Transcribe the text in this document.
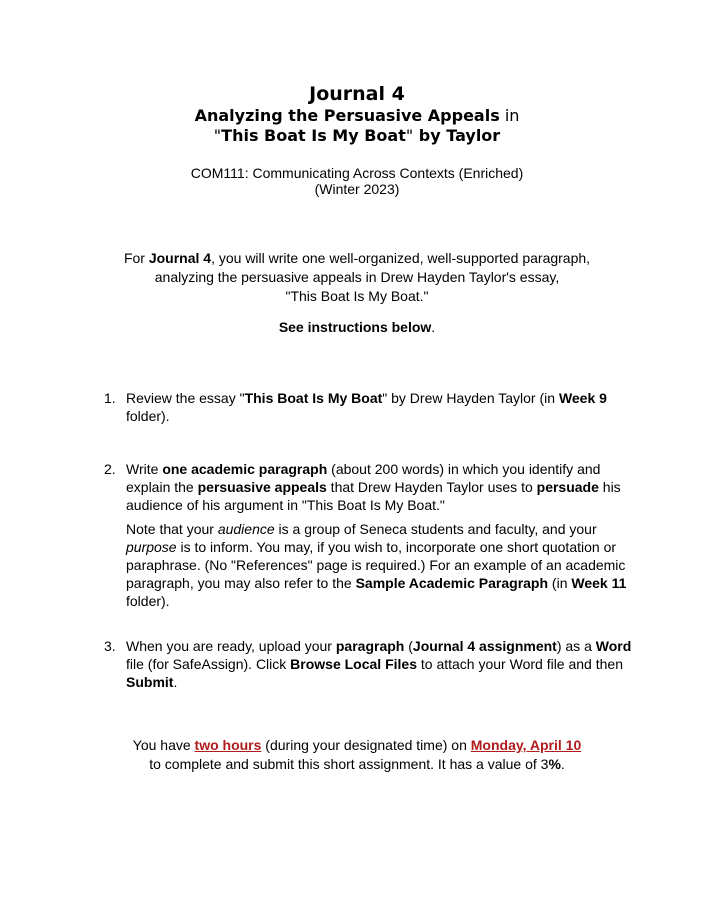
Journal 4
Analyzing the Persuasive Appeals in
"This Boat Is My Boat" by Taylor
COM111: Communicating Across Contexts (Enriched)
(Winter 2023)
For Journal 4, you will write one well-organized, well-supported paragraph,
analyzing the persuasive appeals in Drew Hayden Taylor's essay,
"This Boat Is My Boat."
See instructions below.
1. Review the essay "This Boat Is My Boat" by Drew Hayden Taylor (in Week 9 folder).

2. Write one academic paragraph (about 200 words) in which you identify and explain the persuasive appeals that Drew Hayden Taylor uses to persuade his audience of his argument in "This Boat Is My Boat."

Note that your audience is a group of Seneca students and faculty, and your purpose is to inform. You may, if you wish to, incorporate one short quotation or paraphrase. (No "References" page is required.) For an example of an academic paragraph, you may also refer to the Sample Academic Paragraph (in Week 11 folder).

3. When you are ready, upload your paragraph (Journal 4 assignment) as a Word file (for SafeAssign). Click Browse Local Files to attach your Word file and then Submit.

You have two hours (during your designated time) on Monday, April 10
to complete and submit this short assignment. It has a value of 3%.
